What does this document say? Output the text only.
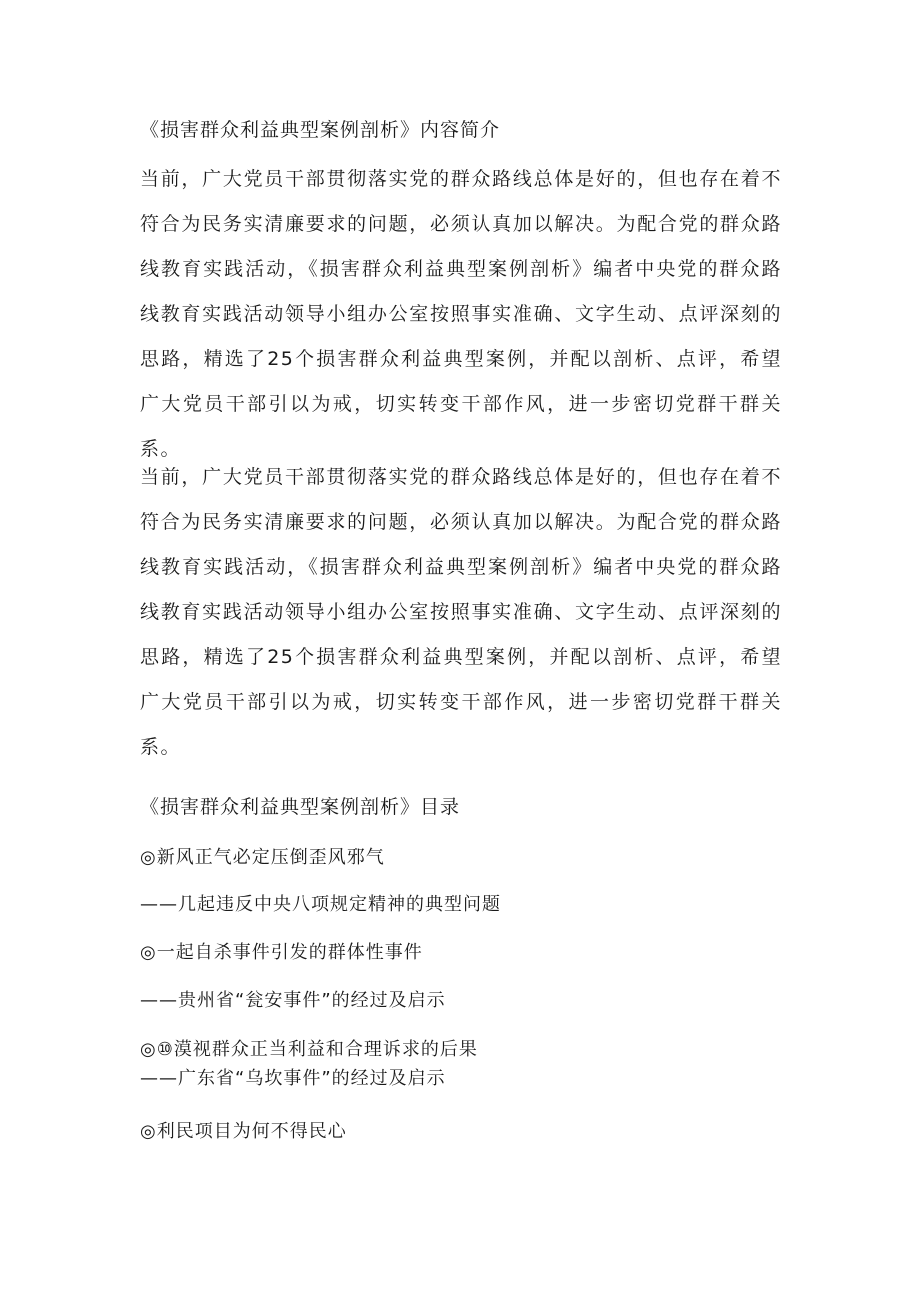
《损害群众利益典型案例剖析》内容简介

当前，广大党员干部贯彻落实党的群众路线总体是好的，但也存在着不符合为民务实清廉要求的问题，必须认真加以解决。为配合党的群众路线教育实践活动，《损害群众利益典型案例剖析》编者中央党的群众路线教育实践活动领导小组办公室按照事实准确、文字生动、点评深刻的思路，精选了25个损害群众利益典型案例，并配以剖析、点评，希望广大党员干部引以为戒，切实转变干部作风，进一步密切党群干群关系。

当前，广大党员干部贯彻落实党的群众路线总体是好的，但也存在着不符合为民务实清廉要求的问题，必须认真加以解决。为配合党的群众路线教育实践活动，《损害群众利益典型案例剖析》编者中央党的群众路线教育实践活动领导小组办公室按照事实准确、文字生动、点评深刻的思路，精选了25个损害群众利益典型案例，并配以剖析、点评，希望广大党员干部引以为戒，切实转变干部作风，进一步密切党群干群关系。

《损害群众利益典型案例剖析》目录
◎新风正气必定压倒歪风邪气
——几起违反中央八项规定精神的典型问题
◎一起自杀事件引发的群体性事件
——贵州省“瓮安事件”的经过及启示
◎⑩漠视群众正当利益和合理诉求的后果
——广东省“乌坎事件”的经过及启示
◎利民项目为何不得民心
